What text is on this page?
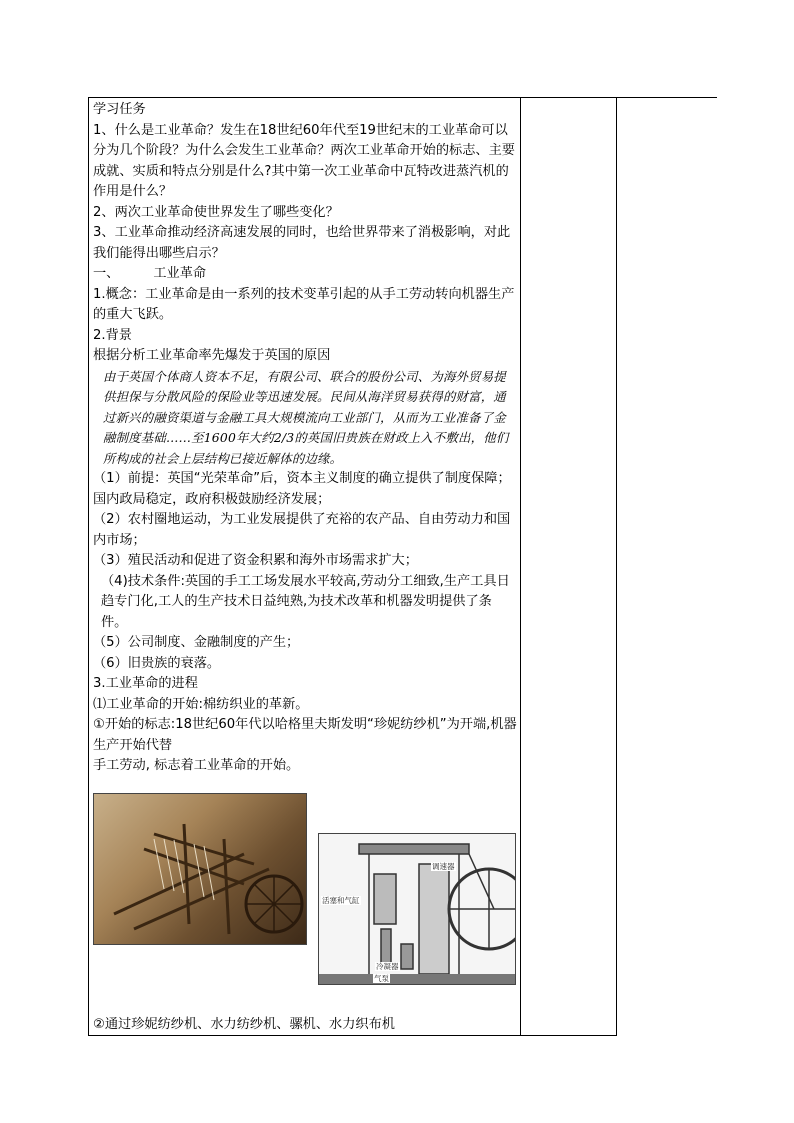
学习任务

1、什么是工业革命？发生在18世纪60年代至19世纪末的工业革命可以分为几个阶段？为什么会发生工业革命？两次工业革命开始的标志、主要成就、实质和特点分别是什么?其中第一次工业革命中瓦特改进蒸汽机的作用是什么？

2、两次工业革命使世界发生了哪些变化？

3、工业革命推动经济高速发展的同时，也给世界带来了消极影响，对此我们能得出哪些启示？

一、	工业革命

1.概念：工业革命是由一系列的技术变革引起的从手工劳动转向机器生产的重大飞跃。

2.背景

根据分析工业革命率先爆发于英国的原因

由于英国个体商人资本不足，有限公司、联合的股份公司、为海外贸易提供担保与分散风险的保险业等迅速发展。民间从海洋贸易获得的财富，通过新兴的融资渠道与金融工具大规模流向工业部门，从而为工业准备了金融制度基础……至1600年大约2/3的英国旧贵族在财政上入不敷出，他们所构成的社会上层结构已接近解体的边缘。

（1）前提：英国“光荣革命”后，资本主义制度的确立提供了制度保障；国内政局稳定，政府积极鼓励经济发展；

（2）农村圈地运动，为工业发展提供了充裕的农产品、自由劳动力和国内市场；

（3）殖民活动和促进了资金积累和海外市场需求扩大；

（4)技术条件:英国的手工工场发展水平较高,劳动分工细致,生产工具日趋专门化,工人的生产技术日益纯熟,为技术改革和机器发明提供了条件。

（5）公司制度、金融制度的产生；

（6）旧贵族的衰落。

3.工业革命的进程

⑴工业革命的开始:棉纺织业的革新。

①开始的标志:18世纪60年代以哈格里夫斯发明“珍妮纺纱机”为开端,机器生产开始代替

手工劳动, 标志着工业革命的开始。

调速器
活塞和气缸
冷凝器
气泵

②通过珍妮纺纱机、水力纺纱机、骡机、水力织布机
